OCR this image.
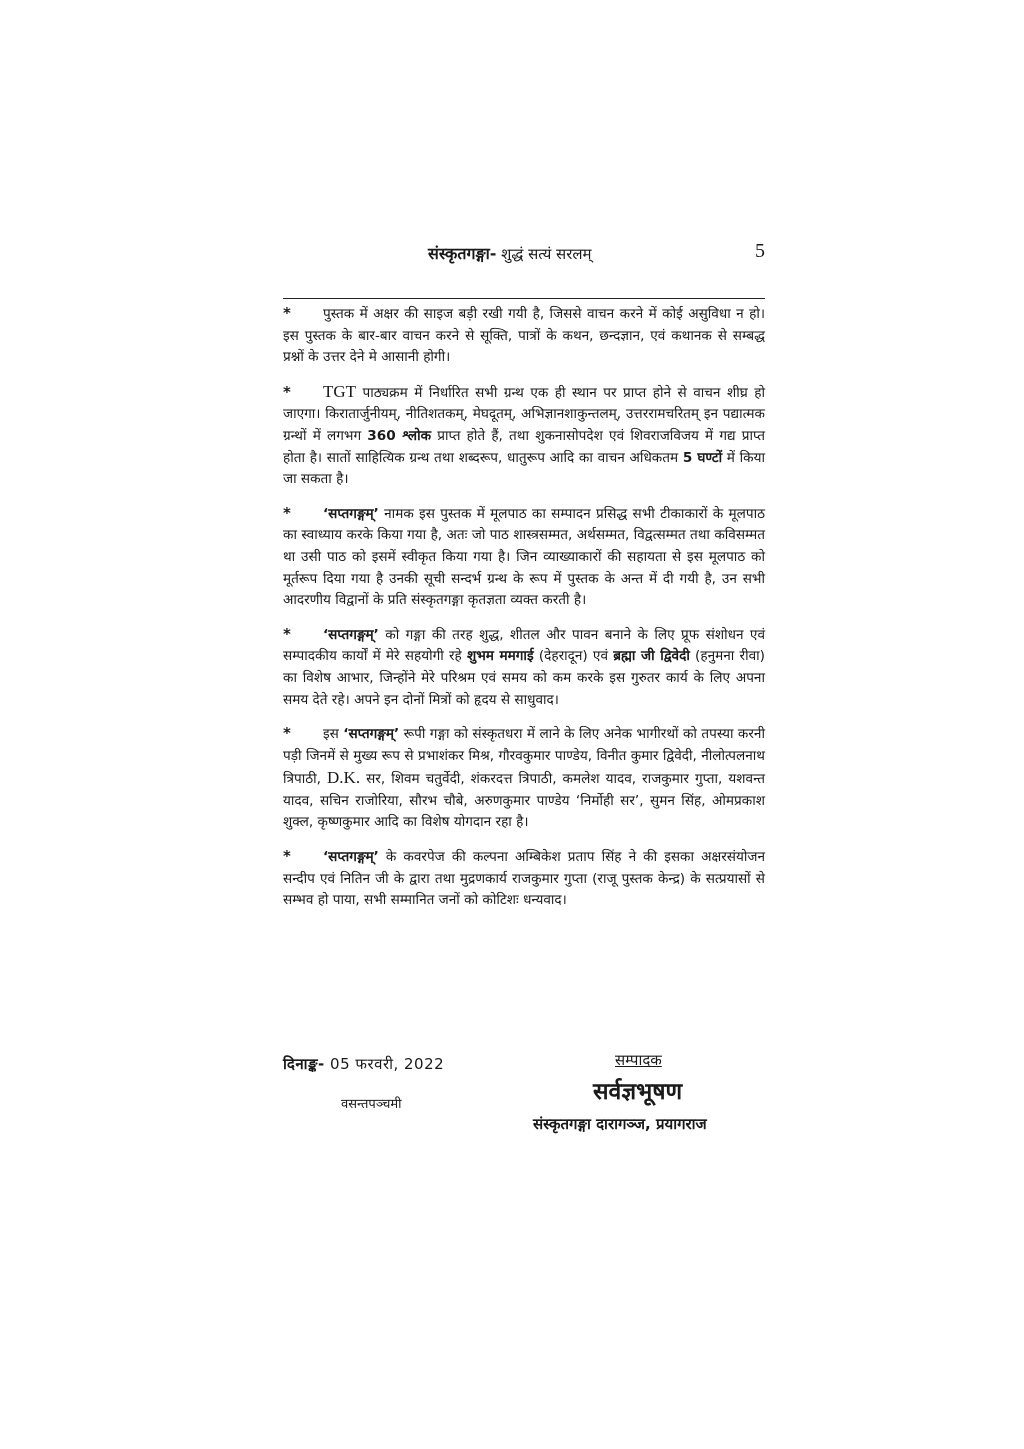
संस्कृतगङ्गा- शुद्धं सत्यं सरलम्	5

* पुस्तक में अक्षर की साइज बड़ी रखी गयी है, जिससे वाचन करने में कोई असुविधा न हो। इस पुस्तक के बार-बार वाचन करने से सूक्ति, पात्रों के कथन, छन्दज्ञान, एवं कथानक से सम्बद्ध प्रश्नों के उत्तर देने मे आसानी होगी।

* TGT पाठ्यक्रम में निर्धारित सभी ग्रन्थ एक ही स्थान पर प्राप्त होने से वाचन शीघ्र हो जाएगा। किरातार्जुनीयम्, नीतिशतकम्, मेघदूतम्, अभिज्ञानशाकुन्तलम्, उत्तररामचरितम् इन पद्यात्मक ग्रन्थों में लगभग 360 श्लोक प्राप्त होते हैं, तथा शुकनासोपदेश एवं शिवराजविजय में गद्य प्राप्त होता है। सातों साहित्यिक ग्रन्थ तथा शब्दरूप, धातुरूप आदि का वाचन अधिकतम 5 घण्टों में किया जा सकता है।

* ‘सप्तगङ्गम्’ नामक इस पुस्तक में मूलपाठ का सम्पादन प्रसिद्ध सभी टीकाकारों के मूलपाठ का स्वाध्याय करके किया गया है, अतः जो पाठ शास्त्रसम्मत, अर्थसम्मत, विद्वत्सम्मत तथा कविसम्मत था उसी पाठ को इसमें स्वीकृत किया गया है। जिन व्याख्याकारों की सहायता से इस मूलपाठ को मूर्तरूप दिया गया है उनकी सूची सन्दर्भ ग्रन्थ के रूप में पुस्तक के अन्त में दी गयी है, उन सभी आदरणीय विद्वानों के प्रति संस्कृतगङ्गा कृतज्ञता व्यक्त करती है।

* ‘सप्तगङ्गम्’ को गङ्गा की तरह शुद्ध, शीतल और पावन बनाने के लिए प्रूफ संशोधन एवं सम्पादकीय कार्यों में मेरे सहयोगी रहे शुभम ममगाई (देहरादून) एवं ब्रह्मा जी द्विवेदी (हनुमना रीवा) का विशेष आभार, जिन्होंने मेरे परिश्रम एवं समय को कम करके इस गुरुतर कार्य के लिए अपना समय देते रहे। अपने इन दोनों मित्रों को हृदय से साधुवाद।

* इस ‘सप्तगङ्गम्’ रूपी गङ्गा को संस्कृतधरा में लाने के लिए अनेक भागीरथों को तपस्या करनी पड़ी जिनमें से मुख्य रूप से प्रभाशंकर मिश्र, गौरवकुमार पाण्डेय, विनीत कुमार द्विवेदी, नीलोत्पलनाथ त्रिपाठी, D.K. सर, शिवम चतुर्वेदी, शंकरदत्त त्रिपाठी, कमलेश यादव, राजकुमार गुप्ता, यशवन्त यादव, सचिन राजोरिया, सौरभ चौबे, अरुणकुमार पाण्डेय ‘निर्मोही सर’, सुमन सिंह, ओमप्रकाश शुक्ल, कृष्णकुमार आदि का विशेष योगदान रहा है।

* ‘सप्तगङ्गम्’ के कवरपेज की कल्पना अम्बिकेश प्रताप सिंह ने की इसका अक्षरसंयोजन सन्दीप एवं नितिन जी के द्वारा तथा मुद्रणकार्य राजकुमार गुप्ता (राजू पुस्तक केन्द्र) के सत्प्रयासों से सम्भव हो पाया, सभी सम्मानित जनों को कोटिशः धन्यवाद।

दिनाङ्क- 05 फरवरी, 2022
वसन्तपञ्चमी
सम्पादक
सर्वज्ञभूषण
संस्कृतगङ्गा दारागञ्ज, प्रयागराज
